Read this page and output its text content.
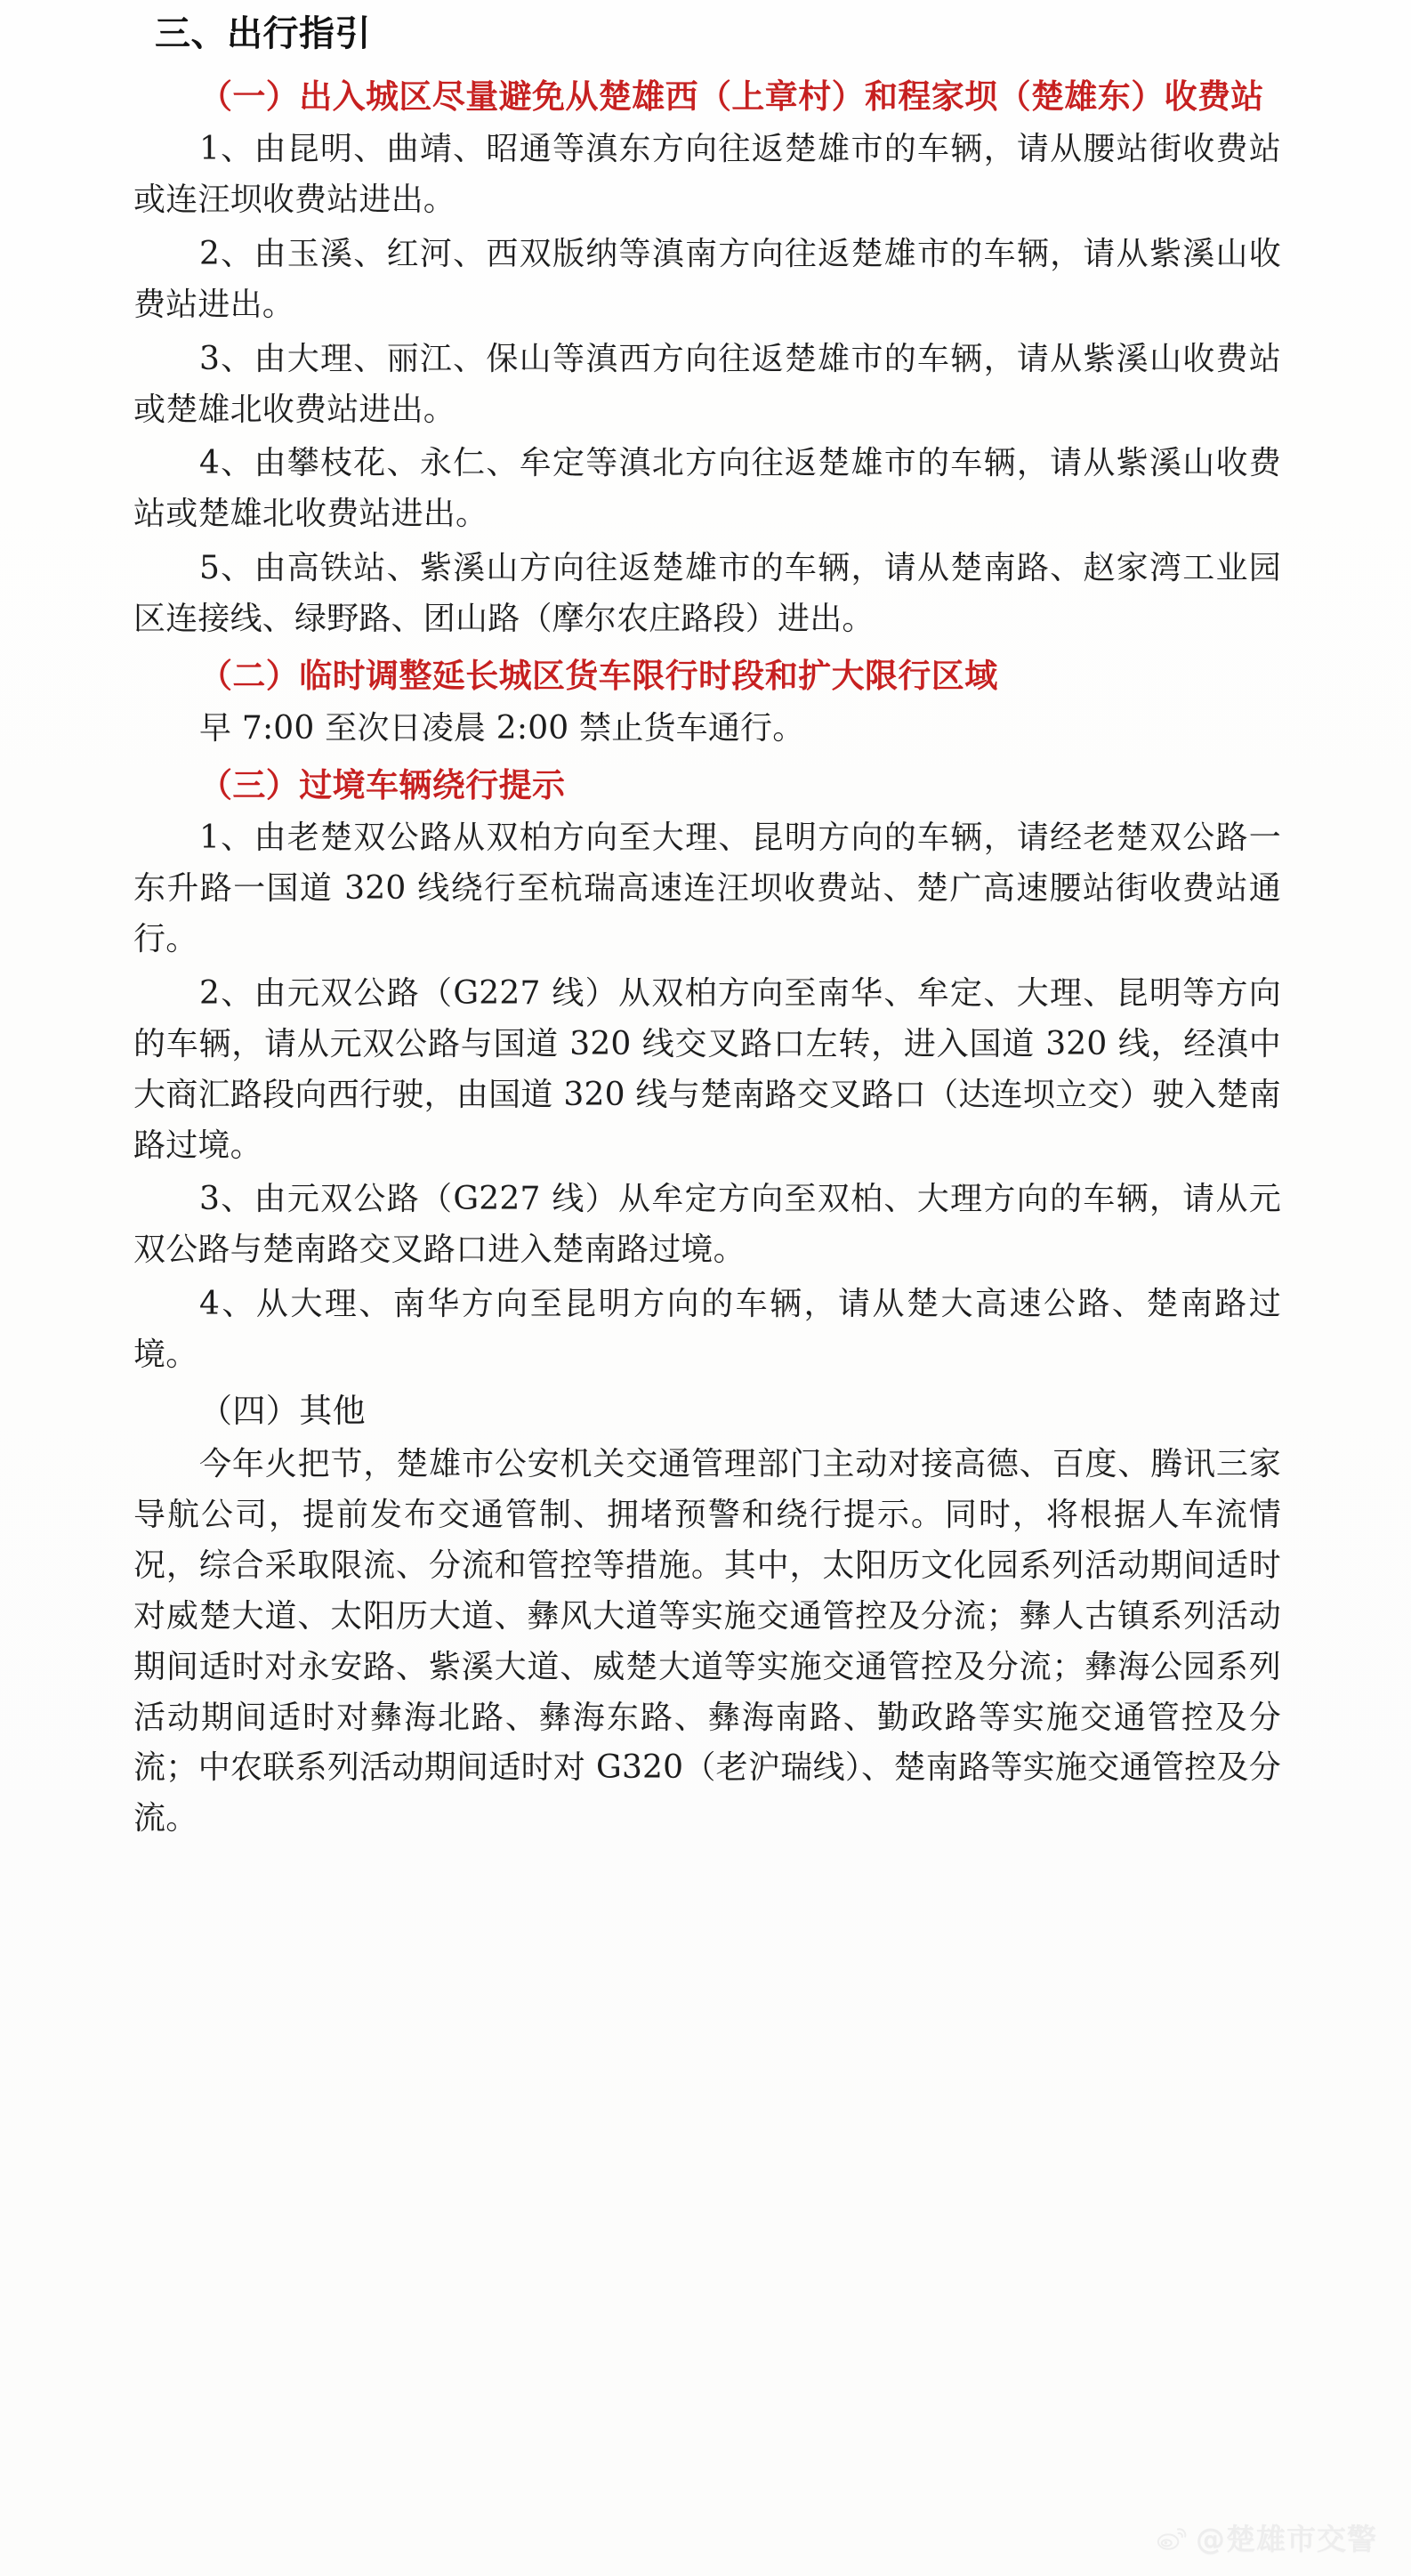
三、出行指引
（一）出入城区尽量避免从楚雄西（上章村）和程家坝（楚雄东）收费站

1、由昆明、曲靖、昭通等滇东方向往返楚雄市的车辆，请从腰站街收费站或连汪坝收费站进出。

2、由玉溪、红河、西双版纳等滇南方向往返楚雄市的车辆，请从紫溪山收费站进出。

3、由大理、丽江、保山等滇西方向往返楚雄市的车辆，请从紫溪山收费站或楚雄北收费站进出。

4、由攀枝花、永仁、牟定等滇北方向往返楚雄市的车辆，请从紫溪山收费站或楚雄北收费站进出。

5、由高铁站、紫溪山方向往返楚雄市的车辆，请从楚南路、赵家湾工业园区连接线、绿野路、团山路（摩尔农庄路段）进出。

（二）临时调整延长城区货车限行时段和扩大限行区域

早 7:00 至次日凌晨 2:00 禁止货车通行。

（三）过境车辆绕行提示

1、由老楚双公路从双柏方向至大理、昆明方向的车辆，请经老楚双公路一东升路一国道 320 线绕行至杭瑞高速连汪坝收费站、楚广高速腰站街收费站通行。

2、由元双公路（G227 线）从双柏方向至南华、牟定、大理、昆明等方向的车辆，请从元双公路与国道 320 线交叉路口左转，进入国道 320 线，经滇中大商汇路段向西行驶，由国道 320 线与楚南路交叉路口（达连坝立交）驶入楚南路过境。

3、由元双公路（G227 线）从牟定方向至双柏、大理方向的车辆，请从元双公路与楚南路交叉路口进入楚南路过境。

4、从大理、南华方向至昆明方向的车辆，请从楚大高速公路、楚南路过境。

（四）其他

今年火把节，楚雄市公安机关交通管理部门主动对接高德、百度、腾讯三家导航公司，提前发布交通管制、拥堵预警和绕行提示。同时，将根据人车流情况，综合采取限流、分流和管控等措施。其中，太阳历文化园系列活动期间适时对威楚大道、太阳历大道、彝风大道等实施交通管控及分流；彝人古镇系列活动期间适时对永安路、紫溪大道、威楚大道等实施交通管控及分流；彝海公园系列活动期间适时对彝海北路、彝海东路、彝海南路、勤政路等实施交通管控及分流；中农联系列活动期间适时对 G320（老沪瑞线）、楚南路等实施交通管控及分流。

@楚雄市交警
